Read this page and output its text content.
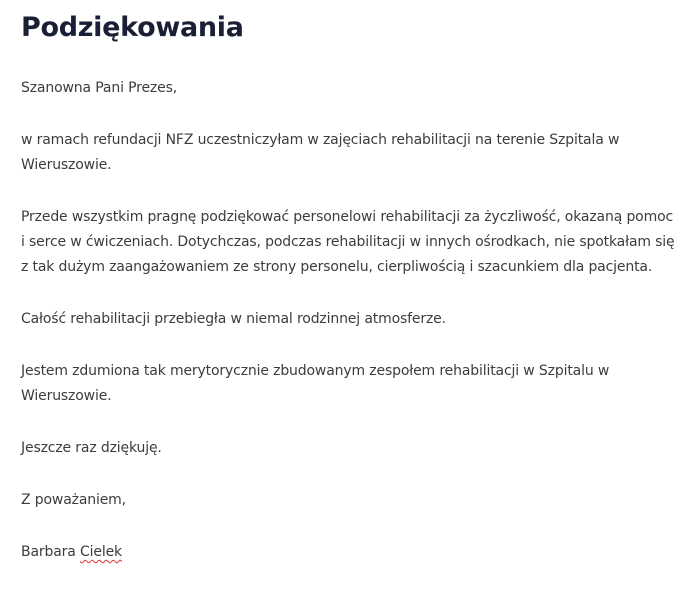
Podziękowania

Szanowna Pani Prezes,

w ramach refundacji NFZ uczestniczyłam w zajęciach rehabilitacji na terenie Szpitala w Wieruszowie.

Przede wszystkim pragnę podziękować personelowi rehabilitacji za życzliwość, okazaną pomoc i serce w ćwiczeniach. Dotychczas, podczas rehabilitacji w innych ośrodkach, nie spotkałam się z tak dużym zaangażowaniem ze strony personelu, cierpliwością i szacunkiem dla pacjenta.

Całość rehabilitacji przebiegła w niemal rodzinnej atmosferze.

Jestem zdumiona tak merytorycznie zbudowanym zespołem rehabilitacji w Szpitalu w Wieruszowie.

Jeszcze raz dziękuję.

Z poważaniem,

Barbara Cielek
